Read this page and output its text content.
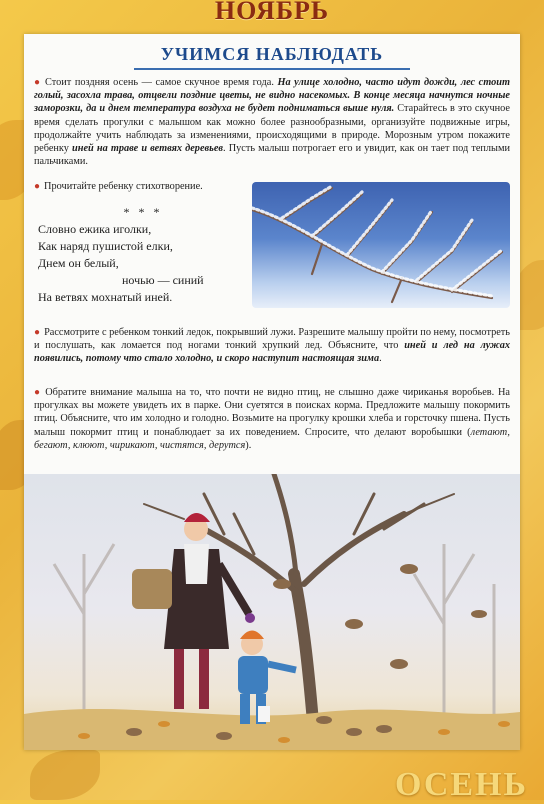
НОЯБРЬ
УЧИМСЯ НАБЛЮДАТЬ
● Стоит поздняя осень — самое скучное время года. На улице холодно, часто идут дожди, лес стоит голый, засохла трава, отцвели поздние цветы, не видно насекомых. В конце месяца начнутся ночные заморозки, да и днем температура воздуха не будет подниматься выше нуля. Старайтесь в это скучное время сделать прогулки с малышом как можно более разнообразными, организуйте подвижные игры, продолжайте учить наблюдать за изменениями, происходящими в природе. Морозным утром покажите ребенку иней на траве и ветвях деревьев. Пусть малыш потрогает его и увидит, как он тает под теплыми пальчиками.
● Прочитайте ребенку стихотворение.
* * *
Словно ежика иголки,
Как наряд пушистой елки,
Днем он белый,
ночью — синий
На ветвях мохнатый иней.
● Рассмотрите с ребенком тонкий ледок, покрывший лужи. Разрешите малышу пройти по нему, посмотреть и послушать, как ломается под ногами тонкий хрупкий лед. Объясните, что иней и лед на лужах появились, потому что стало холодно, и скоро наступит настоящая зима.
● Обратите внимание малыша на то, что почти не видно птиц, не слышно даже чириканья воробьев. На прогулках вы можете увидеть их в парке. Они суетятся в поисках корма. Предложите малышу покормить птиц. Объясните, что им холодно и голодно. Возьмите на прогулку крошки хлеба и горсточку пшена. Пусть малыш покормит птиц и понаблюдает за их поведением. Спросите, что делают воробышки (летают, бегают, клюют, чирикают, чистятся, дерутся).
ОСЕНЬ
